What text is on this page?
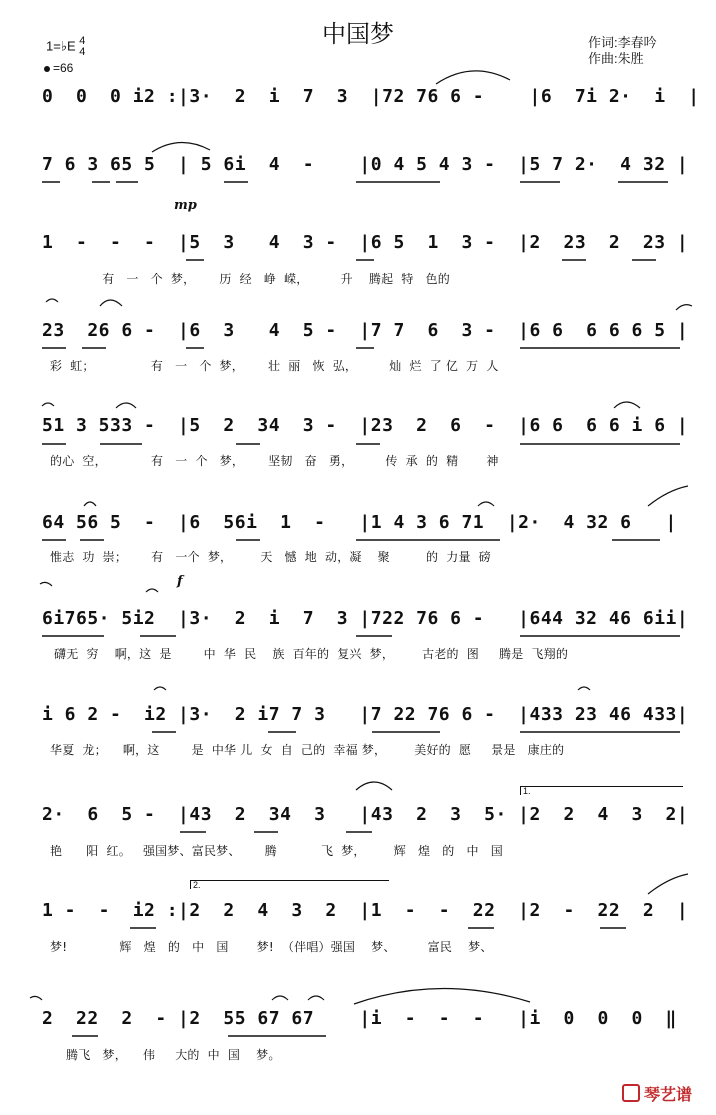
中国梦	作词:李春吟
作曲:朱胜
1=♭E 4
4
=66
mp
f
1.
2.
0  0  0 i2 :|3·  2  i  7  3  |72 76 6 -    |6  7i 2·  i  |
7 6 3 65 5  | 5 6i  4  -    |0 4 5 4 3 -  |5 7 2·  4 32 |
1  -  -  -  |5  3   4  3 -  |6 5  1  3 -  |2  23  2  23 |
有   一   个  梦，      历  经   峥  嵘，        升    腾起  特   色的
23  26 6 -  |6  3   4  5 -  |7 7  6  3 -  |6 6  6 6 6 5 |
彩  虹；              有   一   个  梦，      壮  丽   恢  弘，        灿  烂  了 亿  万  人
51 3 533 -  |5  2  34  3 -  |23  2  6  -  |6 6  6 6 i 6 |
的心  空，           有   一  个   梦，      坚韧   奋   勇，        传  承  的  精       神
64 56 5  -  |6  56i  1  -   |1 4 3 6 71  |2·  4 32 6   |
惟志  功  崇；      有   一个  梦，       天   憾  地  动，凝    聚         的  力量  磅
6i765· 5i2  |3·  2  i  7  3 |722 76 6 -   |644 32 46 6ii|
礴无  穷    啊，这  是        中  华  民    族  百年的  复兴  梦，       古老的  图     腾是  飞翔的
i 6 2 -  i2 |3·  2 i7 7 3   |7 22 76 6 -  |433 23 46 433|
华夏  龙；    啊，这        是  中华 儿  女  自  己的  幸福 梦，       美好的  愿     景是   康庄的
2·  6  5 -  |43  2  34  3   |43  2  3  5· |2  2  4  3  2|
艳      阳  红。   强国梦、富民梦、      腾           飞  梦，       辉   煌   的   中   国
1 -  -  i2 :|2  2  4  3  2  |1  -  -  22  |2  -  22  2  |
梦!             辉   煌   的   中   国       梦!  （伴唱）强国    梦、        富民    梦、
2  22  2  - |2  55 67 67    |i  -  -  -   |i  0  0  0  ‖
腾飞   梦，    伟     大的  中  国    梦。
琴艺谱
